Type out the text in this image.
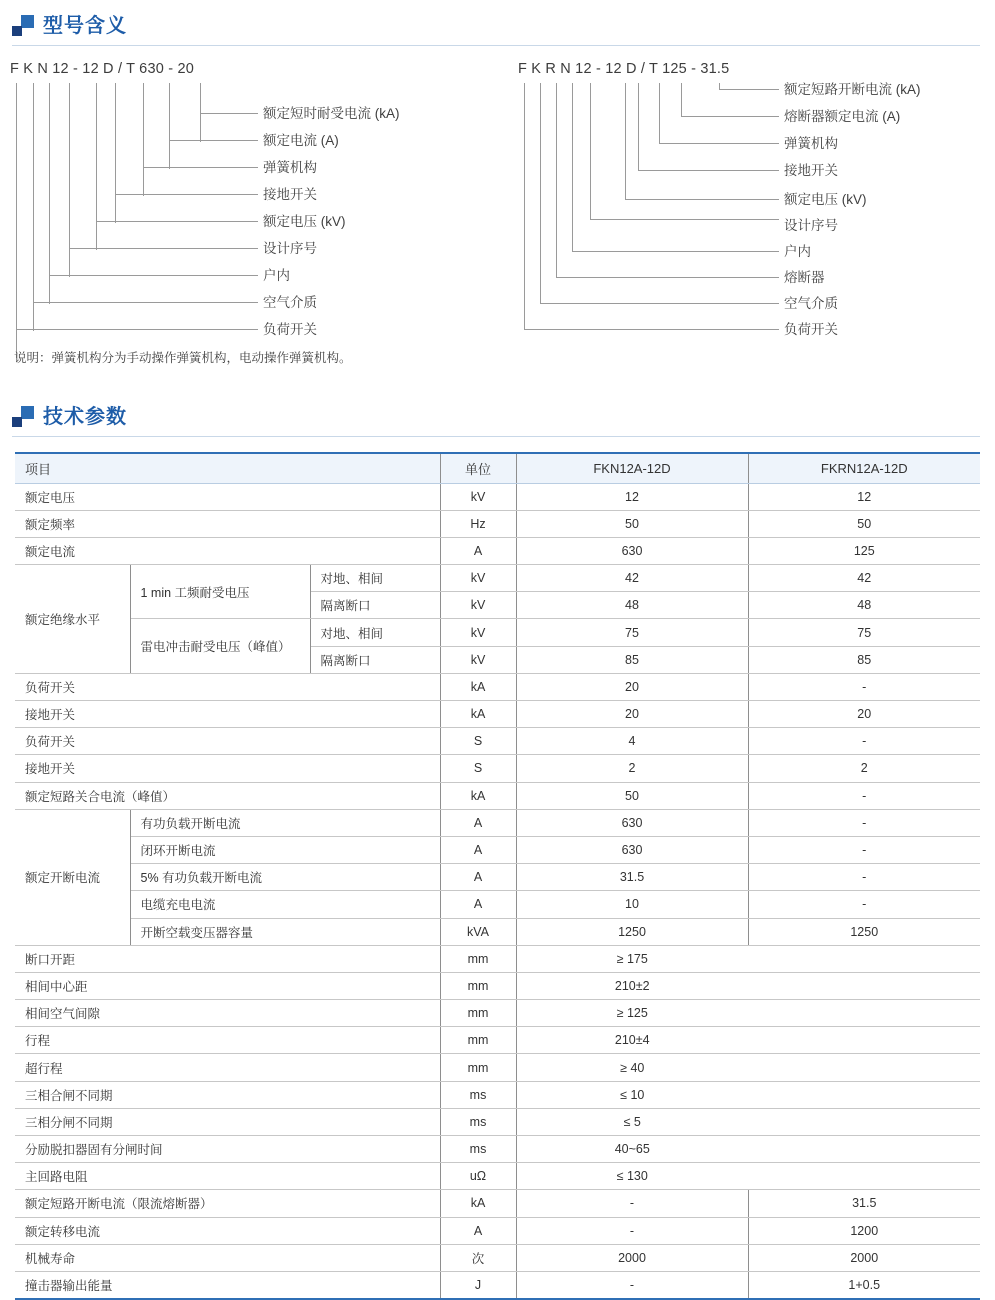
型号含义
F K N 12 - 12 D / T 630 - 20
额定短时耐受电流 (kA)
额定电流 (A)
弹簧机构
接地开关
额定电压 (kV)
设计序号
户内
空气介质
负荷开关
F K R N 12 - 12 D / T 125 - 31.5
额定短路开断电流 (kA)
熔断器额定电流 (A)
弹簧机构
接地开关
额定电压 (kV)
设计序号
户内
熔断器
空气介质
负荷开关
说明：弹簧机构分为手动操作弹簧机构，电动操作弹簧机构。
技术参数
项目			单位	FKN12A-12D	FKRN12A-12D
额定电压			kV	12	12
额定频率			Hz	50	50
额定电流			A	630	125
额定绝缘水平	1 min 工频耐受电压	对地、相间	kV	42	42
		隔离断口	kV	48	48
	雷电冲击耐受电压（峰值）	对地、相间	kV	75	75
		隔离断口	kV	85	85
负荷开关			kA	20	-
接地开关			kA	20	20
负荷开关			S	4	-
接地开关			S	2	2
额定短路关合电流（峰值）			kA	50	-
额定开断电流	有功负载开断电流		A	630	-
	闭环开断电流		A	630	-
	5% 有功负载开断电流		A	31.5	-
	电缆充电电流		A	10	-
	开断空载变压器容量		kVA	1250	1250
断口开距			mm	≥ 175	
相间中心距			mm	210±2	
相间空气间隙			mm	≥ 125	
行程			mm	210±4	
超行程			mm	≥ 40	
三相合闸不同期			ms	≤ 10	
三相分闸不同期			ms	≤ 5	
分励脱扣器固有分闸时间			ms	40~65	
主回路电阻			uΩ	≤ 130	
额定短路开断电流（限流熔断器）			kA	-	31.5
额定转移电流			A	-	1200
机械寿命			次	2000	2000
撞击器输出能量			J	-	1+0.5
